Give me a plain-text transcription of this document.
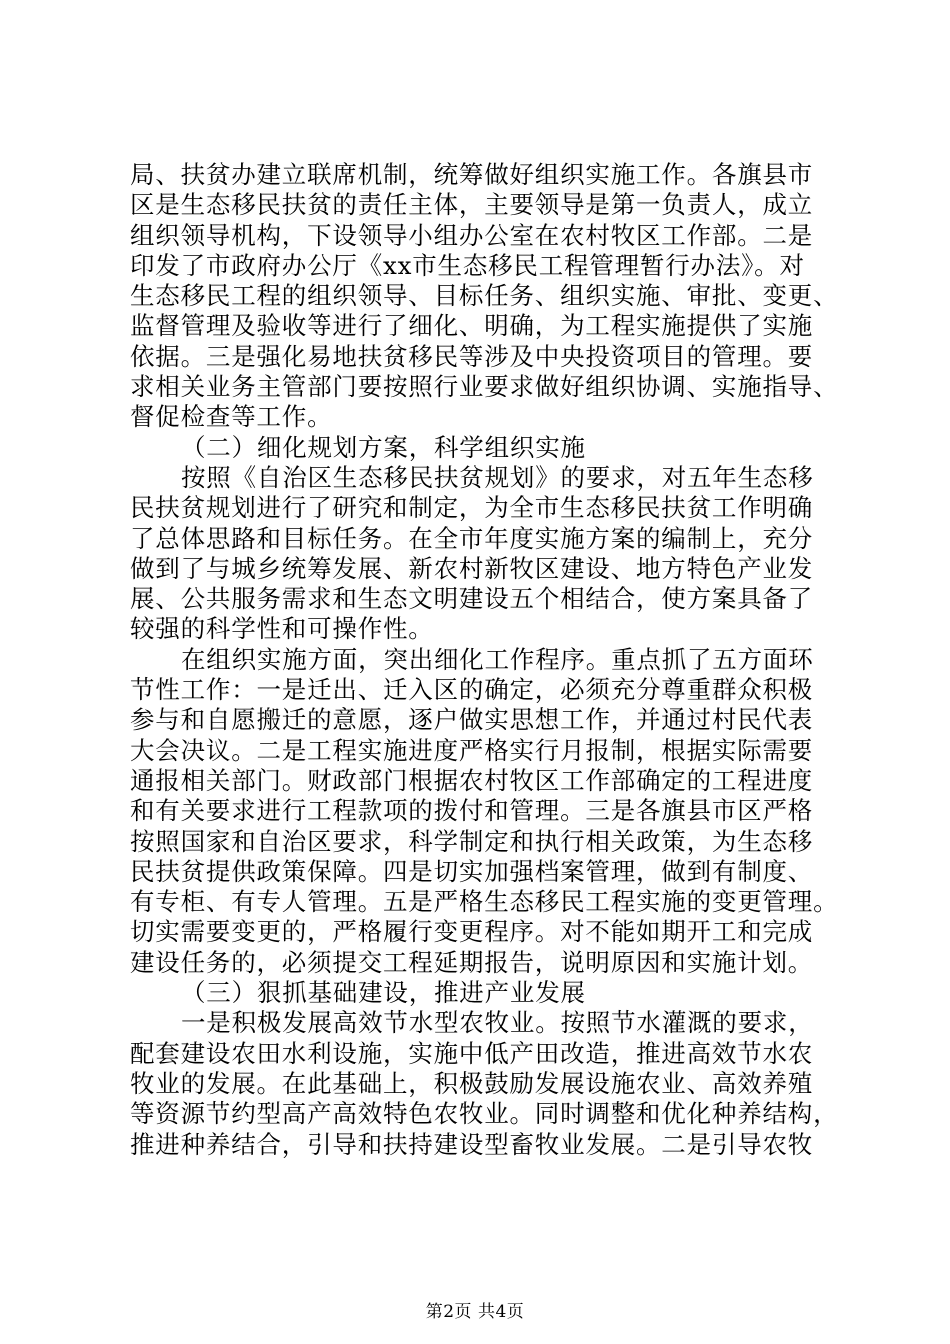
局、扶贫办建立联席机制，统筹做好组织实施工作。各旗县市
区是生态移民扶贫的责任主体，主要领导是第一负责人，成立
组织领导机构，下设领导小组办公室在农村牧区工作部。二是
印发了市政府办公厅《xx市生态移民工程管理暂行办法》。对
生态移民工程的组织领导、目标任务、组织实施、审批、变更、
监督管理及验收等进行了细化、明确，为工程实施提供了实施
依据。三是强化易地扶贫移民等涉及中央投资项目的管理。要
求相关业务主管部门要按照行业要求做好组织协调、实施指导、
督促检查等工作。
（二）细化规划方案，科学组织实施
按照《自治区生态移民扶贫规划》的要求，对五年生态移
民扶贫规划进行了研究和制定，为全市生态移民扶贫工作明确
了总体思路和目标任务。在全市年度实施方案的编制上，充分
做到了与城乡统筹发展、新农村新牧区建设、地方特色产业发
展、公共服务需求和生态文明建设五个相结合，使方案具备了
较强的科学性和可操作性。
在组织实施方面，突出细化工作程序。重点抓了五方面环
节性工作：一是迁出、迁入区的确定，必须充分尊重群众积极
参与和自愿搬迁的意愿，逐户做实思想工作，并通过村民代表
大会决议。二是工程实施进度严格实行月报制，根据实际需要
通报相关部门。财政部门根据农村牧区工作部确定的工程进度
和有关要求进行工程款项的拨付和管理。三是各旗县市区严格
按照国家和自治区要求，科学制定和执行相关政策，为生态移
民扶贫提供政策保障。四是切实加强档案管理，做到有制度、
有专柜、有专人管理。五是严格生态移民工程实施的变更管理。
切实需要变更的，严格履行变更程序。对不能如期开工和完成
建设任务的，必须提交工程延期报告，说明原因和实施计划。
（三）狠抓基础建设，推进产业发展
一是积极发展高效节水型农牧业。按照节水灌溉的要求，
配套建设农田水利设施，实施中低产田改造，推进高效节水农
牧业的发展。在此基础上，积极鼓励发展设施农业、高效养殖
等资源节约型高产高效特色农牧业。同时调整和优化种养结构，
推进种养结合，引导和扶持建设型畜牧业发展。二是引导农牧
第2页 共4页
